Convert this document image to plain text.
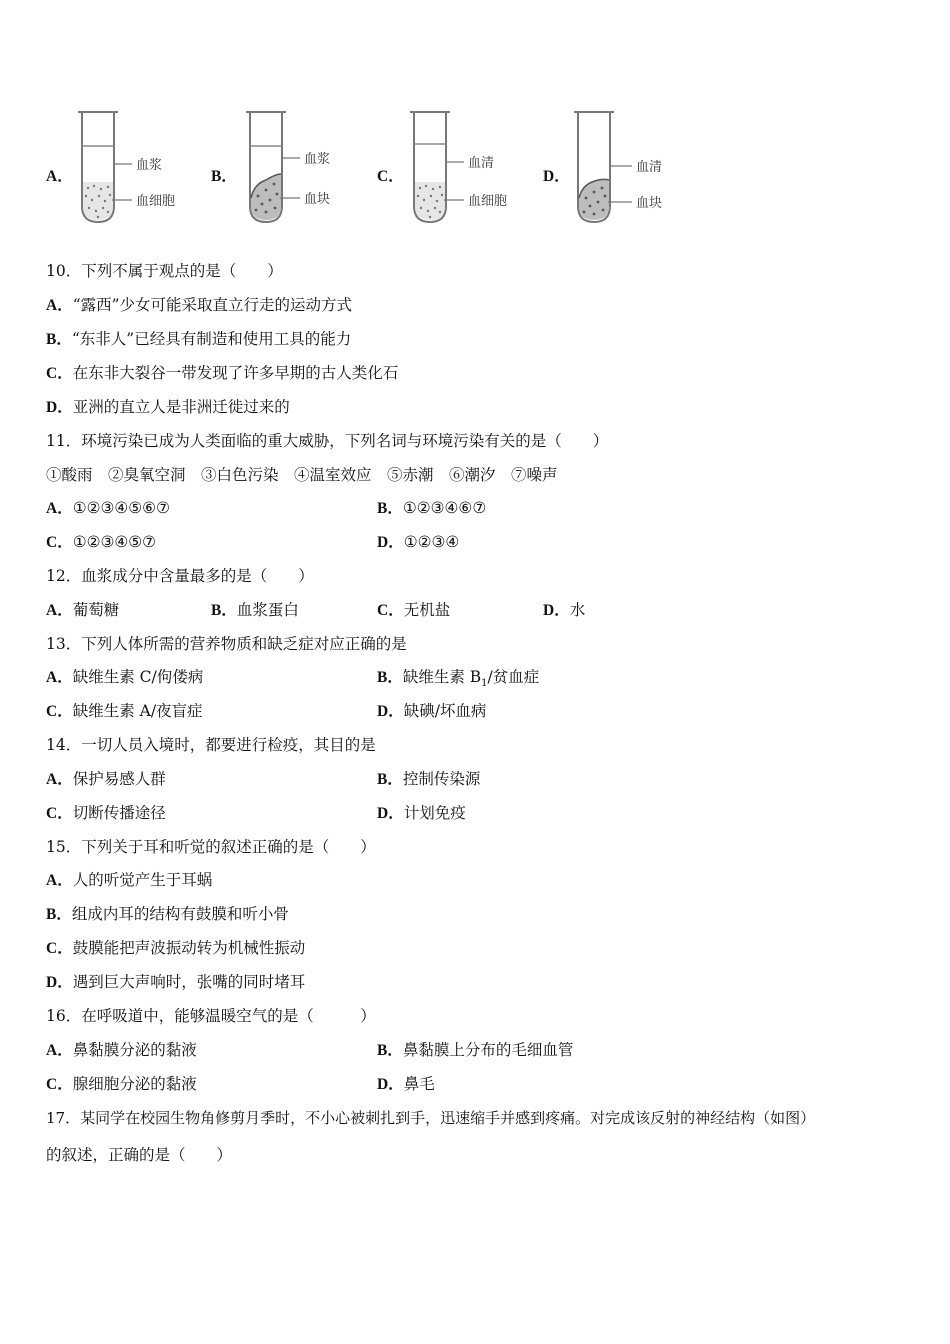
A．
血浆
血细胞
B．
血浆
血块
C．
血清
血细胞
D．
血清
血块
10．下列不属于观点的是（　　）
A．“露西”少女可能采取直立行走的运动方式
B．“东非人”已经具有制造和使用工具的能力
C．在东非大裂谷一带发现了许多早期的古人类化石
D．亚洲的直立人是非洲迁徙过来的
11．环境污染已成为人类面临的重大威胁，下列名词与环境污染有关的是（　　）
①酸雨　②臭氧空洞　③白色污染　④温室效应　⑤赤潮　⑥潮汐　⑦噪声
A．①②③④⑤⑥⑦	B．①②③④⑥⑦
C．①②③④⑤⑦	D．①②③④
12．血浆成分中含量最多的是（　　）
A．葡萄糖	B．血浆蛋白	C．无机盐	D．水
13．下列人体所需的营养物质和缺乏症对应正确的是
A．缺维生素 C/佝偻病	B．缺维生素 $B_1/$贫血症
C．缺维生素 A/夜盲症	D．缺碘/坏血病
14．一切人员入境时，都要进行检疫，其目的是
A．保护易感人群	B．控制传染源
C．切断传播途径	D．计划免疫
15．下列关于耳和听觉的叙述正确的是（　　）
A．人的听觉产生于耳蜗
B．组成内耳的结构有鼓膜和听小骨
C．鼓膜能把声波振动转为机械性振动
D．遇到巨大声响时，张嘴的同时堵耳
16．在呼吸道中，能够温暖空气的是（　　　）
A．鼻黏膜分泌的黏液	B．鼻黏膜上分布的毛细血管
C．腺细胞分泌的黏液	D．鼻毛
17．某同学在校园生物角修剪月季时，不小心被刺扎到手，迅速缩手并感到疼痛。对完成该反射的神经结构（如图）
的叙述，正确的是（　　）
